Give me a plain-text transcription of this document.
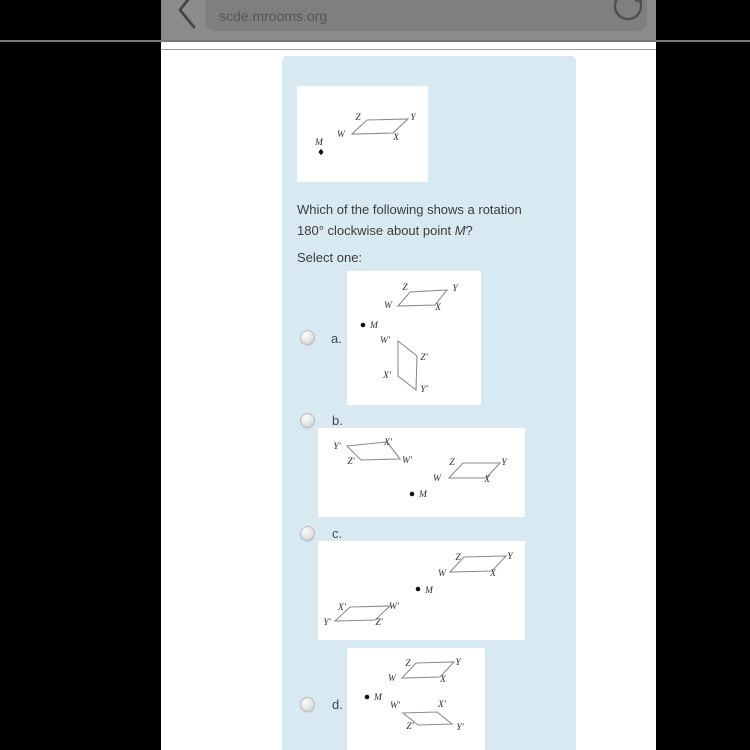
scde.mrooms.org
Z	Y
W	X
M
Which of the following shows a rotation
180° clockwise about point M?
Select one:
a.
Z	Y
W	X
M
W′
Z′
X′
Y′
b.
Y′	X′
Z′	W′	Z	Y
W	X
M
c.
Z	Y
W	X
M
X′	W′
Y′	Z′
d.
Z	Y
W	X
M
W′	X′
Z′	Y′
